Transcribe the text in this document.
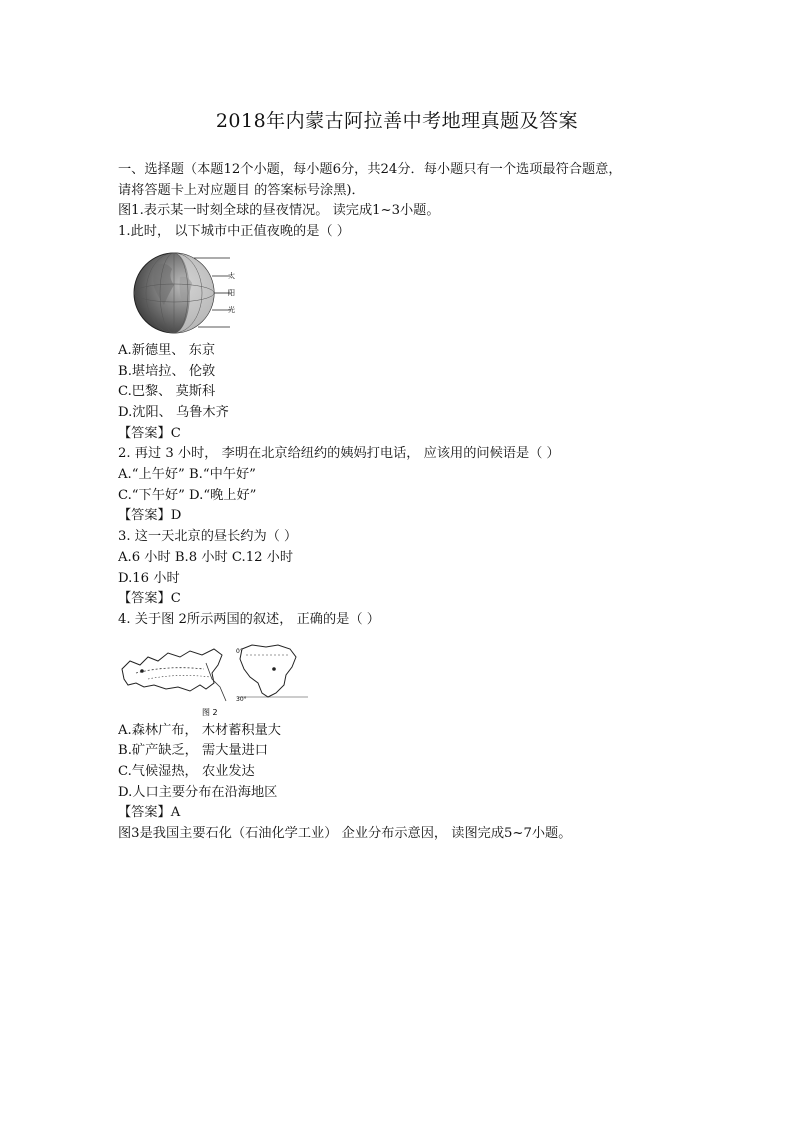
2018年内蒙古阿拉善中考地理真题及答案
一、选择题（本题12个小题，每小题6分，共24分．每小题只有一个选项最符合题意，
请将答题卡上对应题目 的答案标号涂黑)．
图1.表示某一时刻全球的昼夜情况。 读完成1~3小题。
1.此时， 以下城市中正值夜晚的是（ ）
太
阳
光
A.新德里、 东京
B.堪培拉、 伦敦
C.巴黎、 莫斯科
D.沈阳、 乌鲁木齐
【答案】C
2. 再过 3 小时， 李明在北京给纽约的姨妈打电话， 应该用的问候语是（ ）
A.“上午好” B.“中午好”
C.“下午好” D.“晚上好”
【答案】D
3. 这一天北京的昼长约为（ ）
A.6 小时 B.8 小时 C.12 小时
D.16 小时
【答案】C
4. 关于图 2所示两国的叙述， 正确的是（ ）
0°
30°
图 2
A.森林广布， 木材蓄积量大
B.矿产缺乏， 需大量进口
C.气候湿热， 农业发达
D.人口主要分布在沿海地区
【答案】A
图3是我国主要石化（石油化学工业） 企业分布示意因， 读图完成5~7小题。
